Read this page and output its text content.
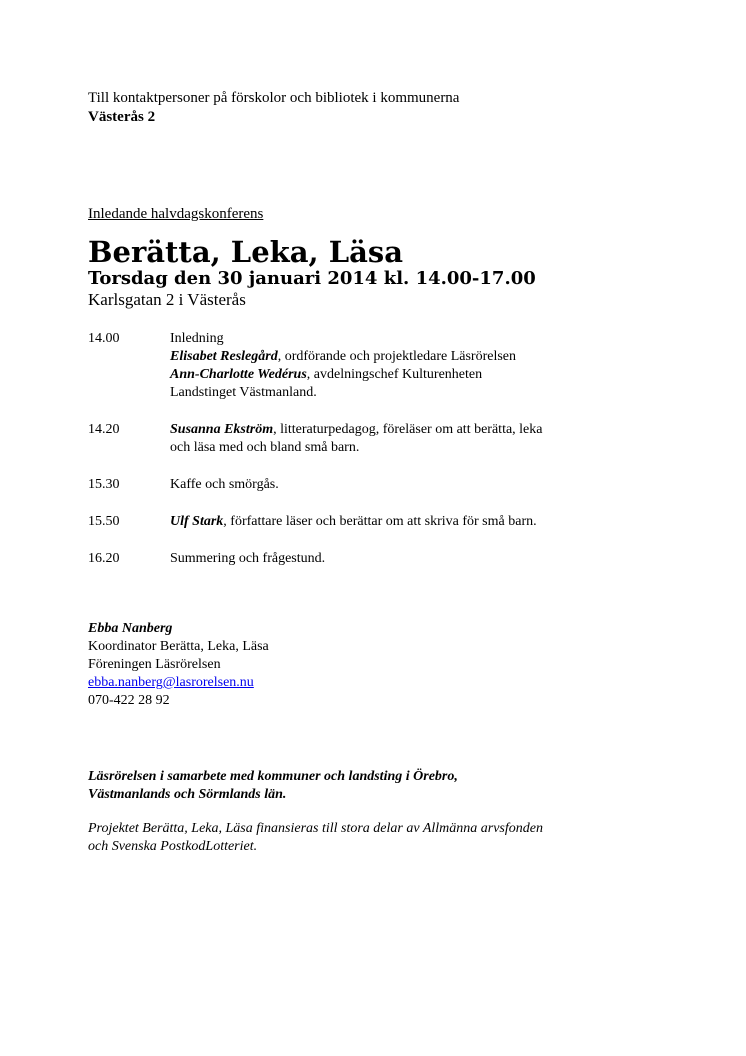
Till kontaktpersoner på förskolor och bibliotek i kommunerna
Västerås 2
Inledande halvdagskonferens
Berätta, Leka, Läsa
Torsdag den 30 januari 2014 kl. 14.00-17.00
Karlsgatan 2 i Västerås
14.00	Inledning
Elisabet Reslegård, ordförande och projektledare Läsrörelsen
Ann-Charlotte Wedérus, avdelningschef Kulturenheten
Landstinget Västmanland.
14.20	Susanna Ekström, litteraturpedagog, föreläser om att berätta, leka
och läsa med och bland små barn.
15.30	Kaffe och smörgås.
15.50	Ulf Stark, författare läser och berättar om att skriva för små barn.
16.20	Summering och frågestund.
Ebba Nanberg
Koordinator Berätta, Leka, Läsa
Föreningen Läsrörelsen
ebba.nanberg@lasrorelsen.nu
070-422 28 92
Läsrörelsen i samarbete med kommuner och landsting i Örebro,
Västmanlands och Sörmlands län.
Projektet Berätta, Leka, Läsa finansieras till stora delar av Allmänna arvsfonden
och Svenska PostkodLotteriet.
